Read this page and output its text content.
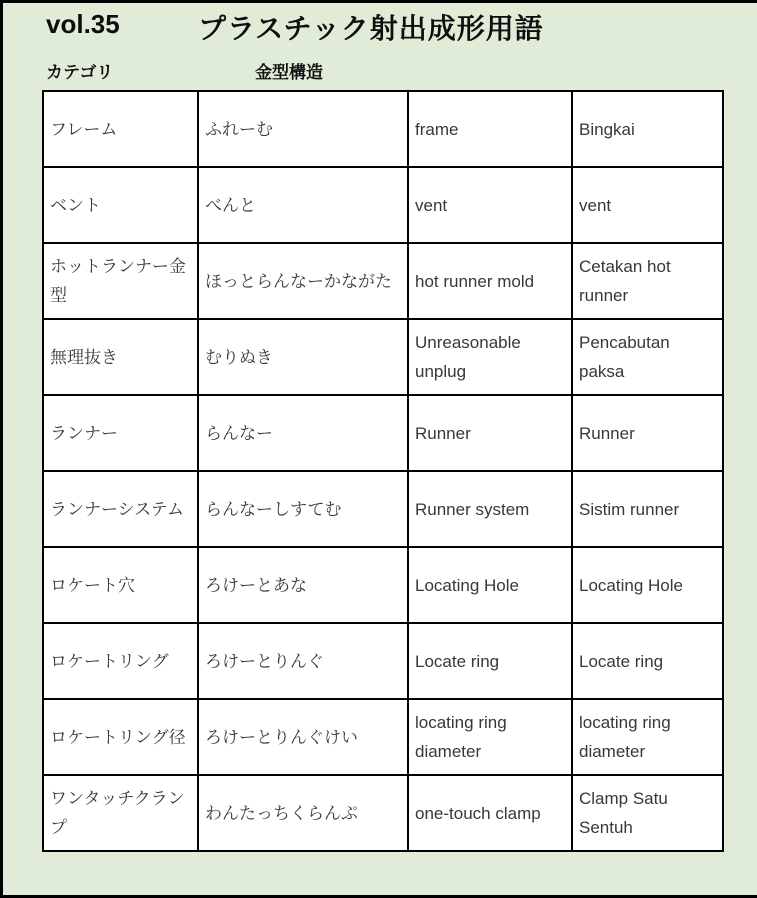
vol.35	プラスチック射出成形用語
カテゴリ	金型構造
フレーム	ふれーむ	frame	Bingkai
ベント	べんと	vent	vent
ホットランナー金型	ほっとらんなーかながた	hot runner mold	Cetakan hot runner
無理抜き	むりぬき	Unreasonable unplug	Pencabutan paksa
ランナー	らんなー	Runner	Runner
ランナーシステム	らんなーしすてむ	Runner system	Sistim runner
ロケート穴	ろけーとあな	Locating Hole	Locating Hole
ロケートリング	ろけーとりんぐ	Locate ring	Locate ring
ロケートリング径	ろけーとりんぐけい	locating ring diameter	locating ring diameter
ワンタッチクランプ	わんたっちくらんぷ	one-touch clamp	Clamp Satu Sentuh
